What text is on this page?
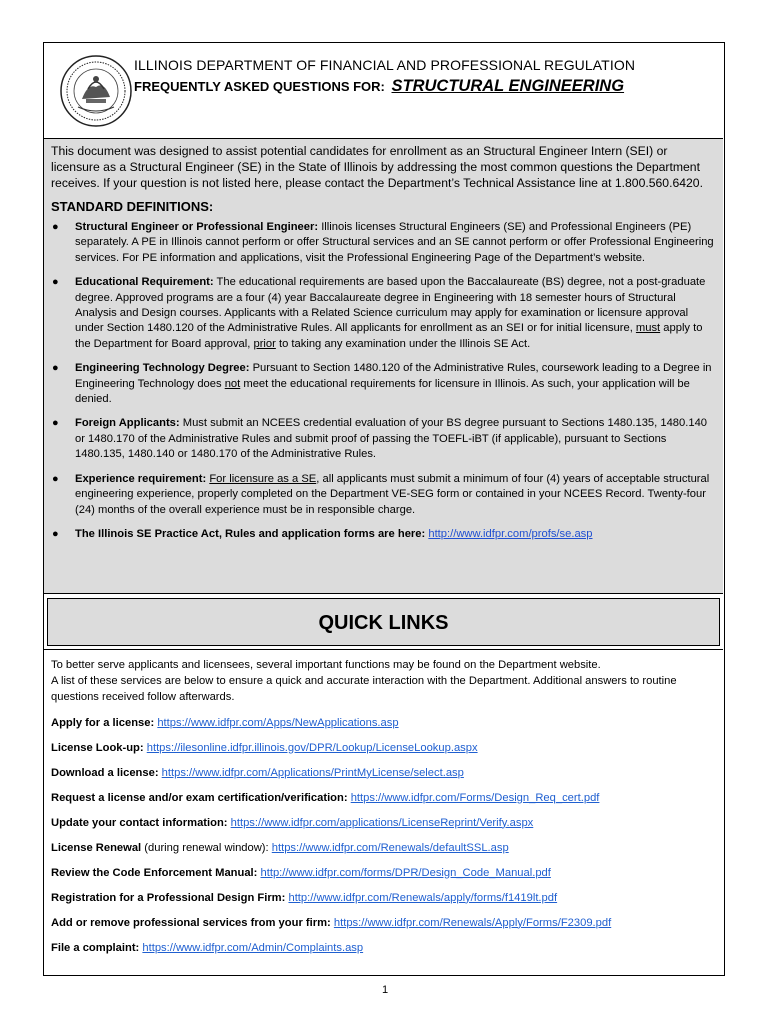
ILLINOIS DEPARTMENT OF FINANCIAL AND PROFESSIONAL REGULATION
FREQUENTLY ASKED QUESTIONS FOR: STRUCTURAL ENGINEERING

This document was designed to assist potential candidates for enrollment as an Structural Engineer Intern (SEI) or licensure as a Structural Engineer (SE) in the State of Illinois by addressing the most common questions the Department receives. If your question is not listed here, please contact the Department’s Technical Assistance line at 1.800.560.6420.

STANDARD DEFINITIONS:
● Structural Engineer or Professional Engineer: Illinois licenses Structural Engineers (SE) and Professional Engineers (PE) separately. A PE in Illinois cannot perform or offer Structural services and an SE cannot perform or offer Professional Engineering services. For PE information and applications, visit the Professional Engineering Page of the Department’s website.
● Educational Requirement: The educational requirements are based upon the Baccalaureate (BS) degree, not a post-graduate degree. Approved programs are a four (4) year Baccalaureate degree in Engineering with 18 semester hours of Structural Analysis and Design courses. Applicants with a Related Science curriculum may apply for examination or licensure approval under Section 1480.120 of the Administrative Rules. All applicants for enrollment as an SEI or for initial licensure, must apply to the Department for Board approval, prior to taking any examination under the Illinois SE Act.
● Engineering Technology Degree: Pursuant to Section 1480.120 of the Administrative Rules, coursework leading to a Degree in Engineering Technology does not meet the educational requirements for licensure in Illinois. As such, your application will be denied.
● Foreign Applicants: Must submit an NCEES credential evaluation of your BS degree pursuant to Sections 1480.135, 1480.140 or 1480.170 of the Administrative Rules and submit proof of passing the TOEFL-iBT (if applicable), pursuant to Sections 1480.135, 1480.140 or 1480.170 of the Administrative Rules.
● Experience requirement: For licensure as a SE, all applicants must submit a minimum of four (4) years of acceptable structural engineering experience, properly completed on the Department VE-SEG form or contained in your NCEES Record. Twenty-four (24) months of the overall experience must be in responsible charge.
● The Illinois SE Practice Act, Rules and application forms are here: http://www.idfpr.com/profs/se.asp
QUICK LINKS
To better serve applicants and licensees, several important functions may be found on the Department website.
A list of these services are below to ensure a quick and accurate interaction with the Department. Additional answers to routine questions received follow afterwards.
Apply for a license: https://www.idfpr.com/Apps/NewApplications.asp
License Look-up: https://ilesonline.idfpr.illinois.gov/DPR/Lookup/LicenseLookup.aspx
Download a license: https://www.idfpr.com/Applications/PrintMyLicense/select.asp
Request a license and/or exam certification/verification: https://www.idfpr.com/Forms/Design_Req_cert.pdf
Update your contact information: https://www.idfpr.com/applications/LicenseReprint/Verify.aspx
License Renewal (during renewal window): https://www.idfpr.com/Renewals/defaultSSL.asp
Review the Code Enforcement Manual: http://www.idfpr.com/forms/DPR/Design_Code_Manual.pdf
Registration for a Professional Design Firm: http://www.idfpr.com/Renewals/apply/forms/f1419lt.pdf
Add or remove professional services from your firm: https://www.idfpr.com/Renewals/Apply/Forms/F2309.pdf
File a complaint: https://www.idfpr.com/Admin/Complaints.asp
1
